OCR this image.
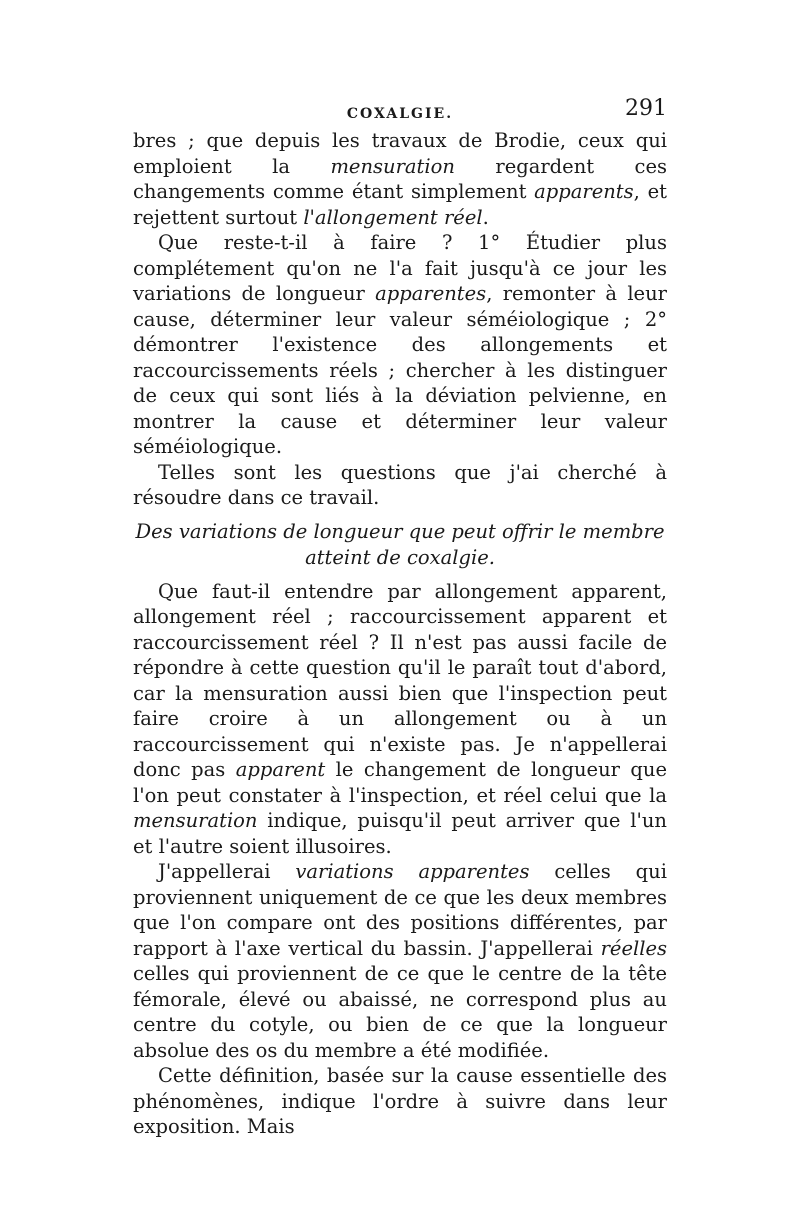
COXALGIE.	291

bres ; que depuis les travaux de Brodie, ceux qui emploient la mensuration regardent ces changements comme étant simplement apparents, et rejettent surtout l'allongement réel.

Que reste-t-il à faire ? 1° Étudier plus complétement qu'on ne l'a fait jusqu'à ce jour les variations de longueur apparentes, remonter à leur cause, déterminer leur valeur séméiologique ; 2° démontrer l'existence des allongements et raccourcissements réels ; chercher à les distinguer de ceux qui sont liés à la déviation pelvienne, en montrer la cause et déterminer leur valeur séméiologique.

Telles sont les questions que j'ai cherché à résoudre dans ce travail.

Des variations de longueur que peut offrir le membre
atteint de coxalgie.

Que faut-il entendre par allongement apparent, allongement réel ; raccourcissement apparent et raccourcissement réel ? Il n'est pas aussi facile de répondre à cette question qu'il le paraît tout d'abord, car la mensuration aussi bien que l'inspection peut faire croire à un allongement ou à un raccourcissement qui n'existe pas. Je n'appellerai donc pas apparent le changement de longueur que l'on peut constater à l'inspection, et réel celui que la mensuration indique, puisqu'il peut arriver que l'un et l'autre soient illusoires.

J'appellerai variations apparentes celles qui proviennent uniquement de ce que les deux membres que l'on compare ont des positions différentes, par rapport à l'axe vertical du bassin. J'appellerai réelles celles qui proviennent de ce que le centre de la tête fémorale, élevé ou abaissé, ne correspond plus au centre du cotyle, ou bien de ce que la longueur absolue des os du membre a été modifiée.

Cette définition, basée sur la cause essentielle des phénomènes, indique l'ordre à suivre dans leur exposition. Mais
